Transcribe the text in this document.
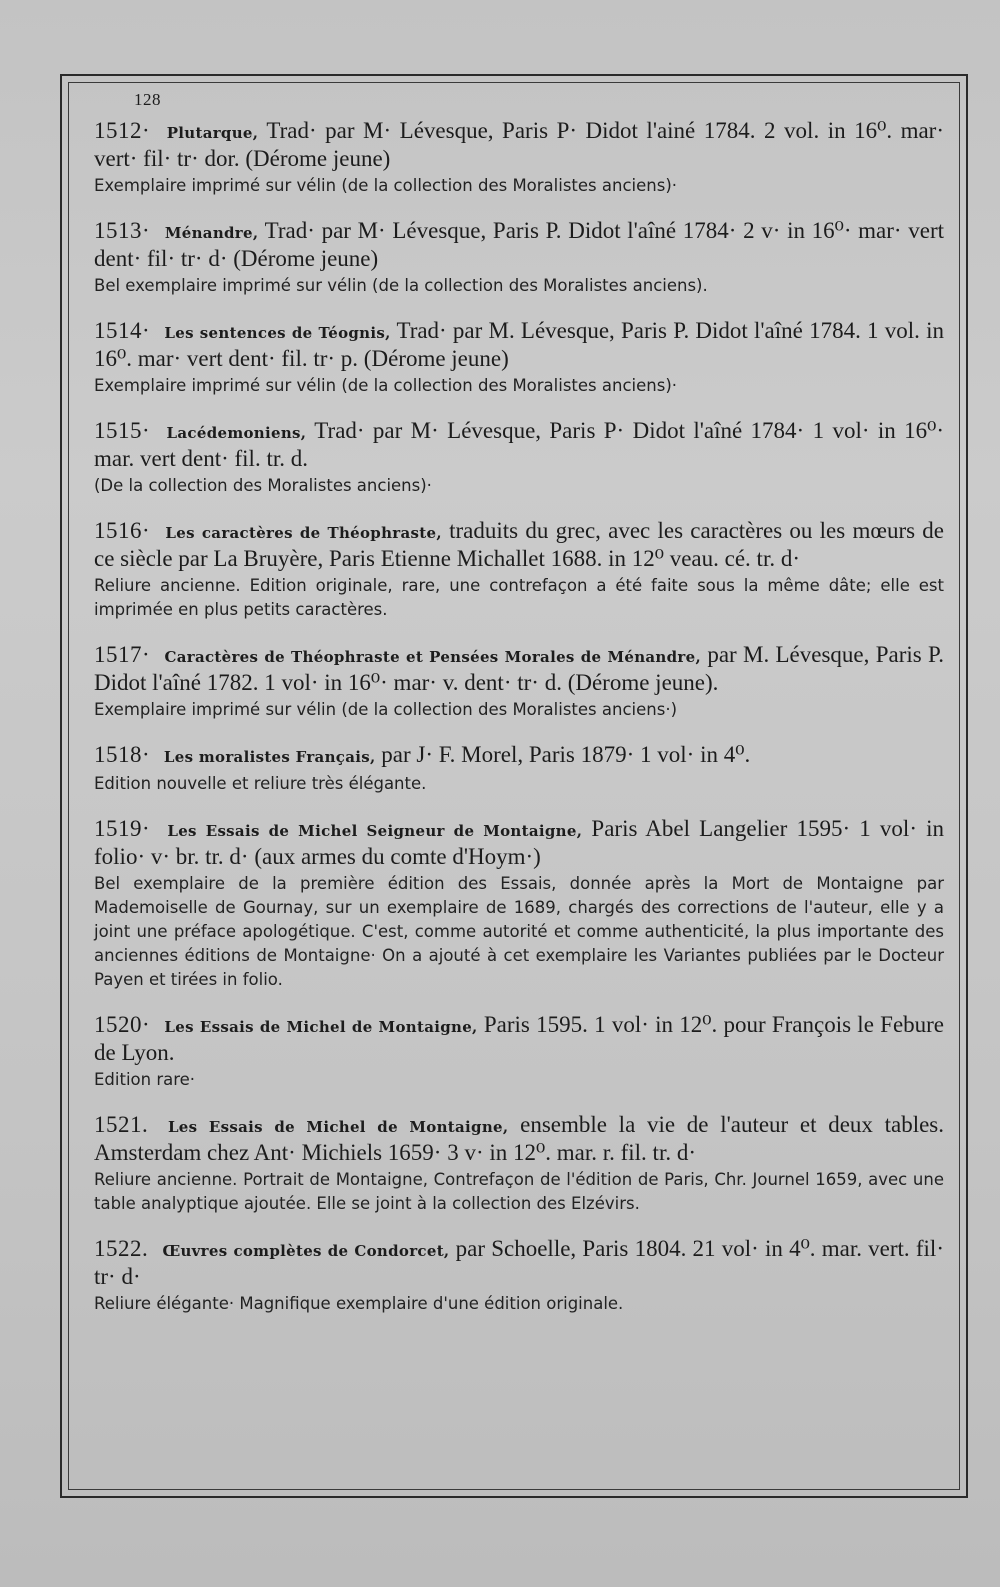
128
1512· Plutarque, Trad· par M· Lévesque, Paris P· Didot l'ainé 1784. 2 vol. in 16⁰. mar· vert· fil· tr· dor. (Dérome jeune)
Exemplaire imprimé sur vélin (de la collection des Moralistes anciens)·
1513· Ménandre, Trad· par M· Lévesque, Paris P. Didot l'aîné 1784· 2 v· in 16⁰· mar· vert dent· fil· tr· d· (Dérome jeune)
Bel exemplaire imprimé sur vélin (de la collection des Moralistes anciens).
1514· Les sentences de Téognis, Trad· par M. Lévesque, Paris P. Didot l'aîné 1784. 1 vol. in 16⁰. mar· vert dent· fil. tr· p. (Dérome jeune)
Exemplaire imprimé sur vélin (de la collection des Moralistes anciens)·
1515· Lacédemoniens, Trad· par M· Lévesque, Paris P· Didot l'aîné 1784· 1 vol· in 16⁰· mar. vert dent· fil. tr. d.
(De la collection des Moralistes anciens)·
1516· Les caractères de Théophraste, traduits du grec, avec les caractères ou les mœurs de ce siècle par La Bruyère, Paris Etienne Michallet 1688. in 12⁰ veau. cé. tr. d·
Reliure ancienne. Edition originale, rare, une contrefaçon a été faite sous la même dâte; elle est imprimée en plus petits caractères.
1517· Caractères de Théophraste et Pensées Morales de Ménandre, par M. Lévesque, Paris P. Didot l'aîné 1782. 1 vol· in 16⁰· mar· v. dent· tr· d. (Dérome jeune).
Exemplaire imprimé sur vélin (de la collection des Moralistes anciens·)
1518· Les moralistes Français, par J· F. Morel, Paris 1879· 1 vol· in 4⁰.
Edition nouvelle et reliure très élégante.
1519· Les Essais de Michel Seigneur de Montaigne, Paris Abel Langelier 1595· 1 vol· in folio· v· br. tr. d· (aux armes du comte d'Hoym·)
Bel exemplaire de la première édition des Essais, donnée après la Mort de Montaigne par Mademoiselle de Gournay, sur un exemplaire de 1689, chargés des corrections de l'auteur, elle y a joint une préface apologétique. C'est, comme autorité et comme authenticité, la plus importante des anciennes éditions de Montaigne· On a ajouté à cet exemplaire les Variantes publiées par le Docteur Payen et tirées in folio.
1520· Les Essais de Michel de Montaigne, Paris 1595. 1 vol· in 12⁰. pour François le Febure de Lyon.
Edition rare·
1521. Les Essais de Michel de Montaigne, ensemble la vie de l'auteur et deux tables. Amsterdam chez Ant· Michiels 1659· 3 v· in 12⁰. mar. r. fil. tr. d·
Reliure ancienne. Portrait de Montaigne, Contrefaçon de l'édition de Paris, Chr. Journel 1659, avec une table analyptique ajoutée. Elle se joint à la collection des Elzévirs.
1522. Œuvres complètes de Condorcet, par Schoelle, Paris 1804. 21 vol· in 4⁰. mar. vert. fil· tr· d·
Reliure élégante· Magnifique exemplaire d'une édition originale.
